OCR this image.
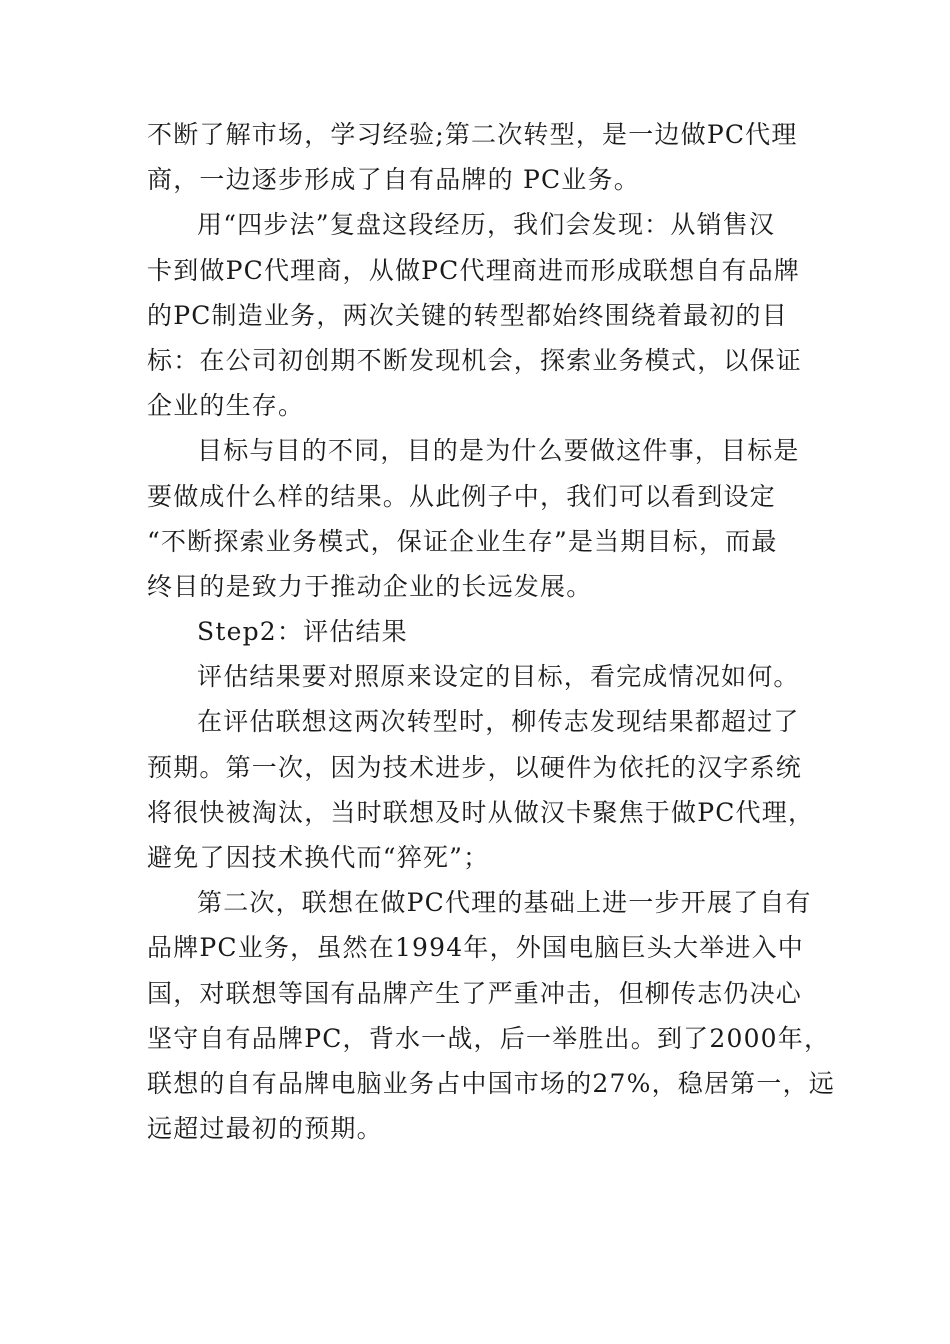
不断了解市场，学习经验;第二次转型，是一边做PC代理
商，一边逐步形成了自有品牌的 PC业务。
用“四步法”复盘这段经历，我们会发现：从销售汉
卡到做PC代理商，从做PC代理商进而形成联想自有品牌
的PC制造业务，两次关键的转型都始终围绕着最初的目
标：在公司初创期不断发现机会，探索业务模式，以保证
企业的生存。
目标与目的不同，目的是为什么要做这件事，目标是
要做成什么样的结果。从此例子中，我们可以看到设定
“不断探索业务模式，保证企业生存”是当期目标，而最
终目的是致力于推动企业的长远发展。
Step2：评估结果
评估结果要对照原来设定的目标，看完成情况如何。
在评估联想这两次转型时，柳传志发现结果都超过了
预期。第一次，因为技术进步，以硬件为依托的汉字系统
将很快被淘汰，当时联想及时从做汉卡聚焦于做PC代理，
避免了因技术换代而“猝死”；
第二次，联想在做PC代理的基础上进一步开展了自有
品牌PC业务，虽然在1994年，外国电脑巨头大举进入中
国，对联想等国有品牌产生了严重冲击，但柳传志仍决心
坚守自有品牌PC，背水一战，后一举胜出。到了2000年，
联想的自有品牌电脑业务占中国市场的27%，稳居第一，远
远超过最初的预期。
